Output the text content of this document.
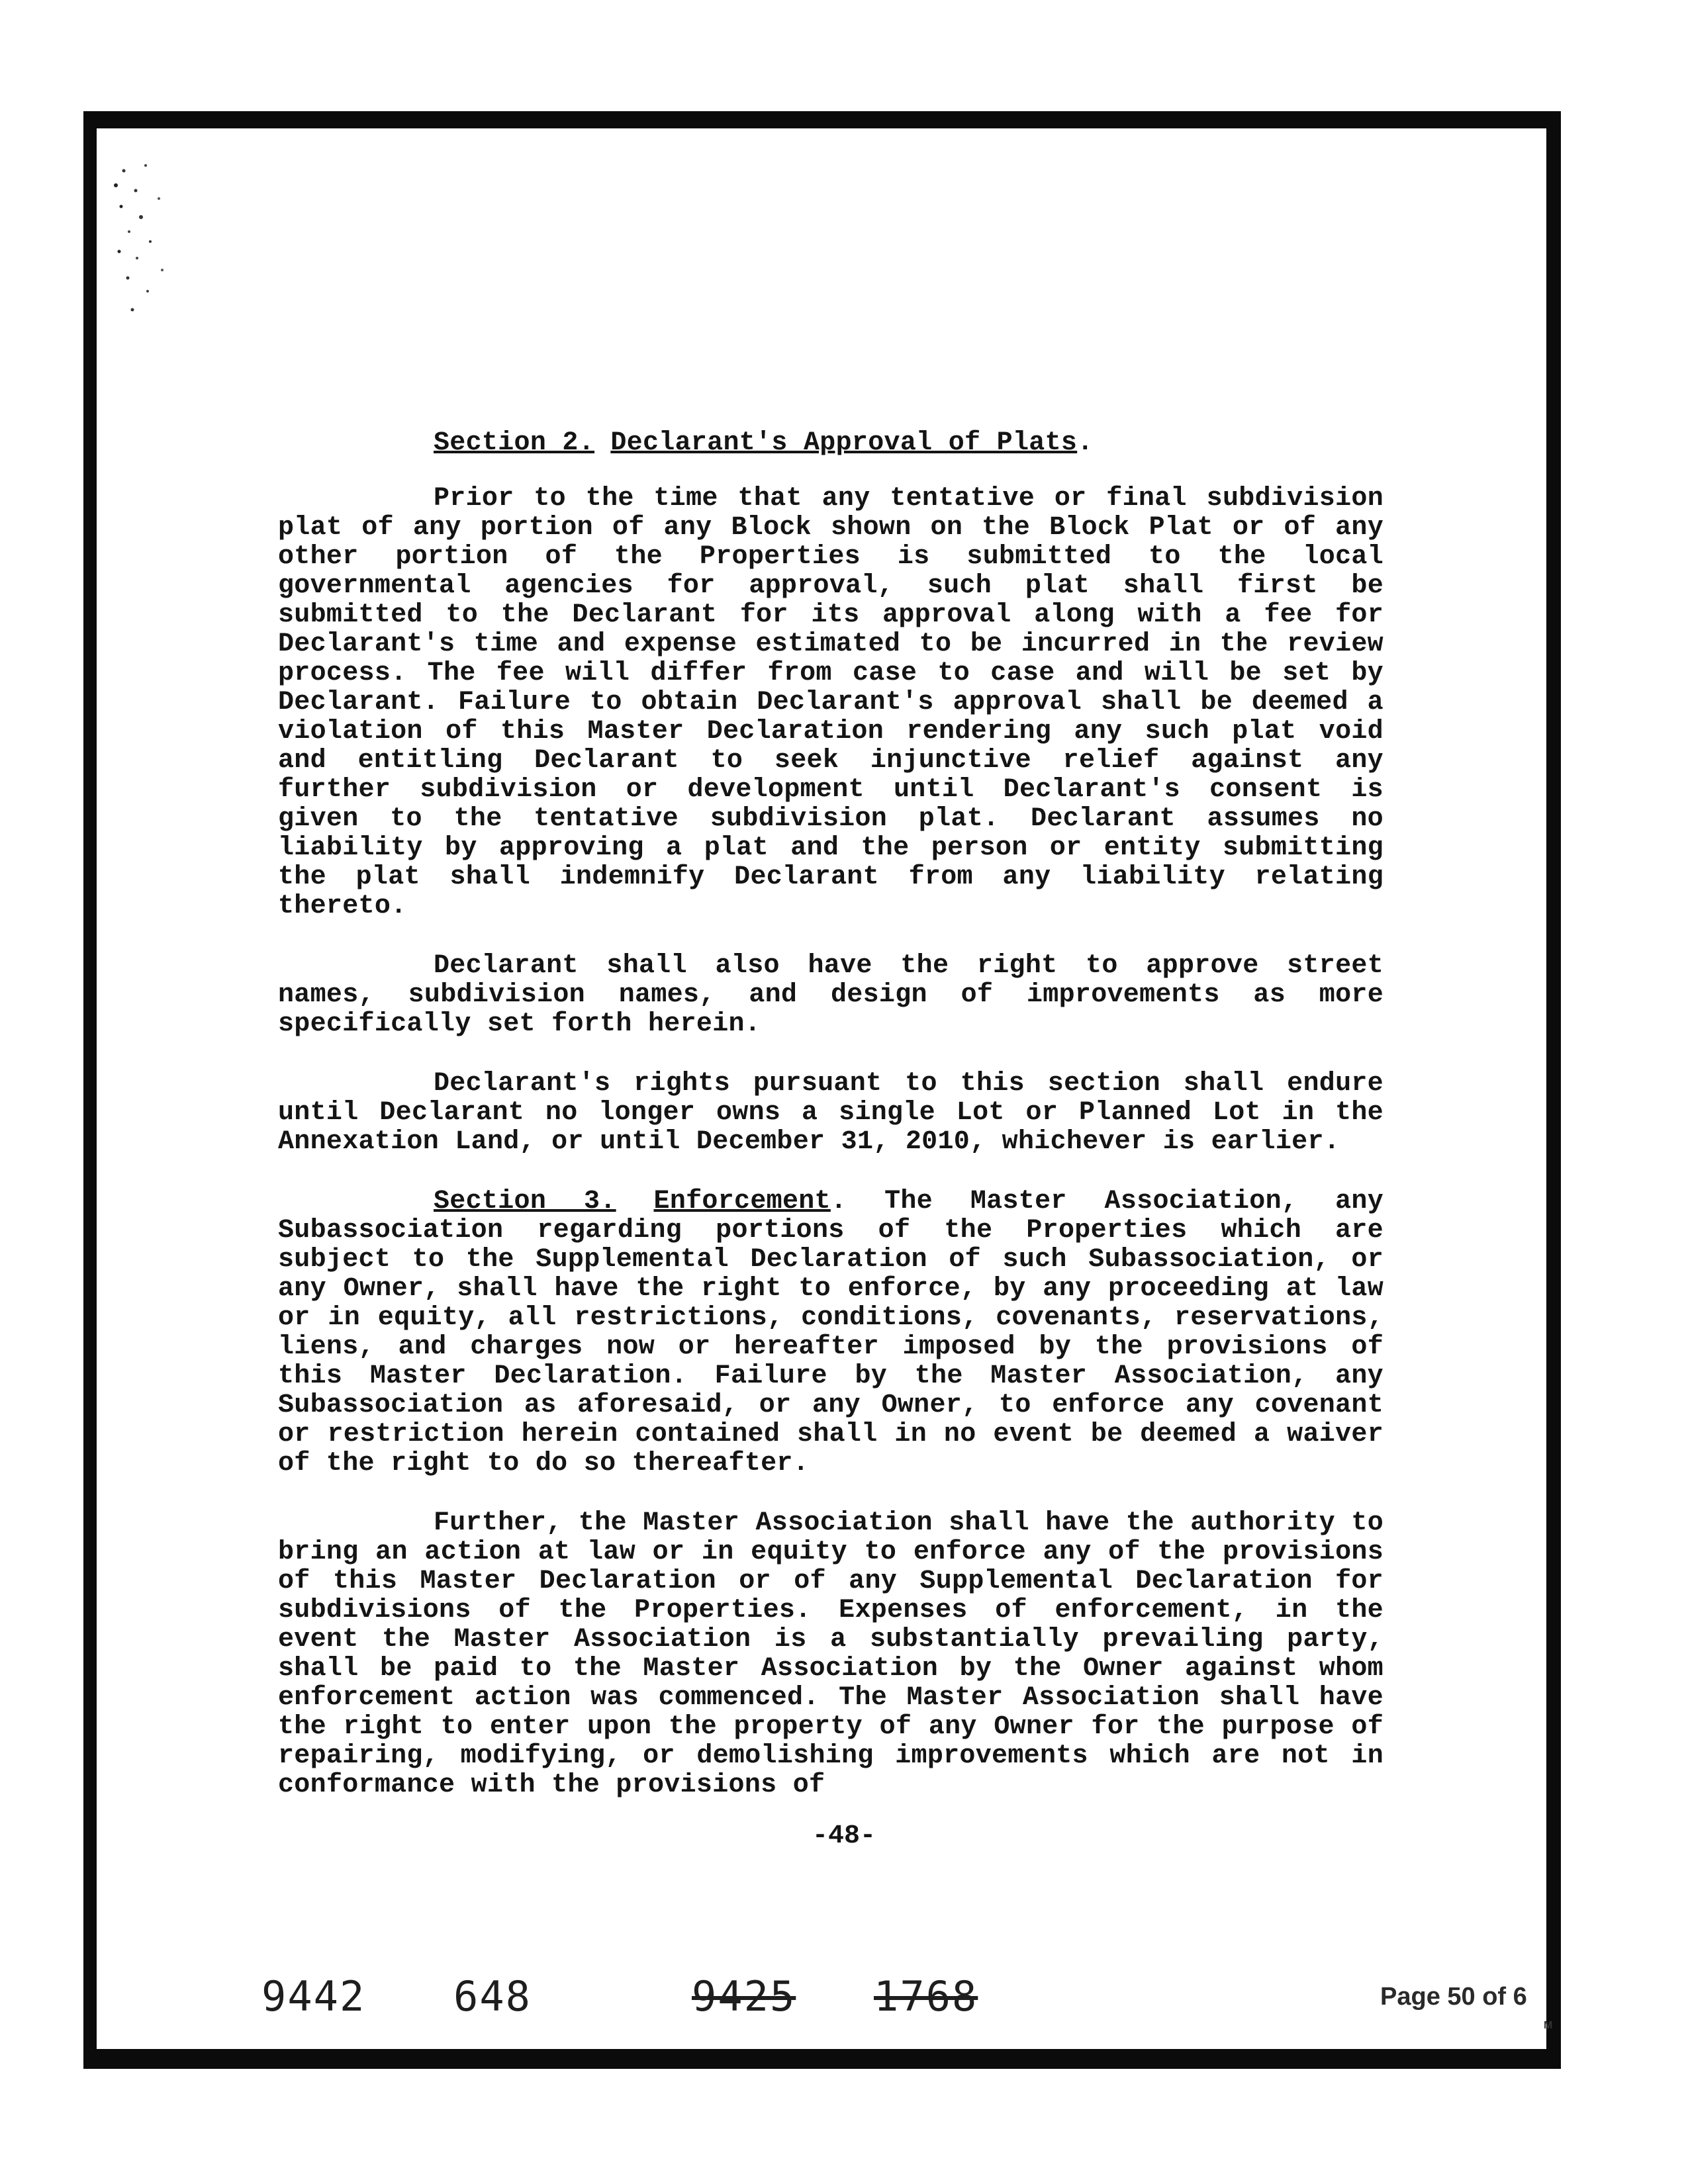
Section 2. Declarant's Approval of Plats.

Prior to the time that any tentative or final subdivision plat of any portion of any Block shown on the Block Plat or of any other portion of the Properties is submitted to the local governmental agencies for approval, such plat shall first be submitted to the Declarant for its approval along with a fee for Declarant's time and expense estimated to be incurred in the review process. The fee will differ from case to case and will be set by Declarant. Failure to obtain Declarant's approval shall be deemed a violation of this Master Declaration rendering any such plat void and entitling Declarant to seek injunctive relief against any further subdivision or development until Declarant's consent is given to the tentative subdivision plat. Declarant assumes no liability by approving a plat and the person or entity submitting the plat shall indemnify Declarant from any liability relating thereto.

Declarant shall also have the right to approve street names, subdivision names, and design of improvements as more specifically set forth herein.

Declarant's rights pursuant to this section shall endure until Declarant no longer owns a single Lot or Planned Lot in the Annexation Land, or until December 31, 2010, whichever is earlier.

Section 3. Enforcement. The Master Association, any Subassociation regarding portions of the Properties which are subject to the Supplemental Declaration of such Subassociation, or any Owner, shall have the right to enforce, by any proceeding at law or in equity, all restrictions, conditions, covenants, reservations, liens, and charges now or hereafter imposed by the provisions of this Master Declaration. Failure by the Master Association, any Subassociation as aforesaid, or any Owner, to enforce any covenant or restriction herein contained shall in no event be deemed a waiver of the right to do so thereafter.

Further, the Master Association shall have the authority to bring an action at law or in equity to enforce any of the provisions of this Master Declaration or of any Supplemental Declaration for subdivisions of the Properties. Expenses of enforcement, in the event the Master Association is a substantially prevailing party, shall be paid to the Master Association by the Owner against whom enforcement action was commenced. The Master Association shall have the right to enter upon the property of any Owner for the purpose of repairing, modifying, or demolishing improvements which are not in conformance with the provisions of

-48-
9442 648	9425 1768	Page 50 of 6
M
